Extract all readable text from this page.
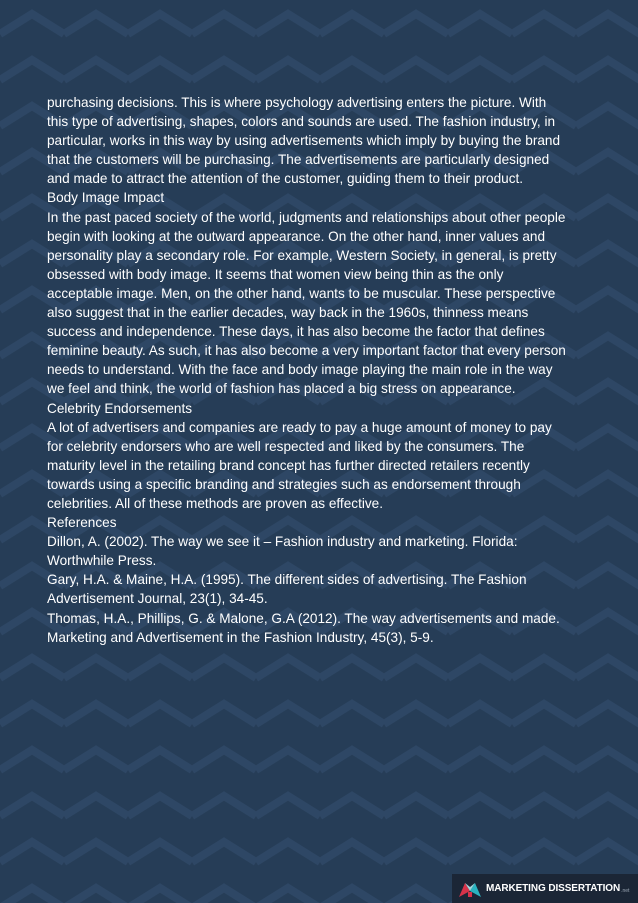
purchasing decisions. This is where psychology advertising enters the picture. With
this type of advertising, shapes, colors and sounds are used. The fashion industry, in
particular, works in this way by using advertisements which imply by buying the brand
that the customers will be purchasing. The advertisements are particularly designed
and made to attract the attention of the customer, guiding them to their product.
Body Image Impact
In the past paced society of the world, judgments and relationships about other people
begin with looking at the outward appearance. On the other hand, inner values and
personality play a secondary role. For example, Western Society, in general, is pretty
obsessed with body image. It seems that women view being thin as the only
acceptable image. Men, on the other hand, wants to be muscular. These perspective
also suggest that in the earlier decades, way back in the 1960s, thinness means
success and independence. These days, it has also become the factor that defines
feminine beauty. As such, it has also become a very important factor that every person
needs to understand. With the face and body image playing the main role in the way
we feel and think, the world of fashion has placed a big stress on appearance.
Celebrity Endorsements
A lot of advertisers and companies are ready to pay a huge amount of money to pay
for celebrity endorsers who are well respected and liked by the consumers. The
maturity level in the retailing brand concept has further directed retailers recently
towards using a specific branding and strategies such as endorsement through
celebrities. All of these methods are proven as effective.
References
Dillon, A. (2002). The way we see it – Fashion industry and marketing. Florida:
Worthwhile Press.
Gary, H.A. & Maine, H.A. (1995). The different sides of advertising. The Fashion
Advertisement Journal, 23(1), 34-45.
Thomas, H.A., Phillips, G. & Malone, G.A (2012). The way advertisements and made.
Marketing and Advertisement in the Fashion Industry, 45(3), 5-9.
MARKETING DISSERTATION .net
